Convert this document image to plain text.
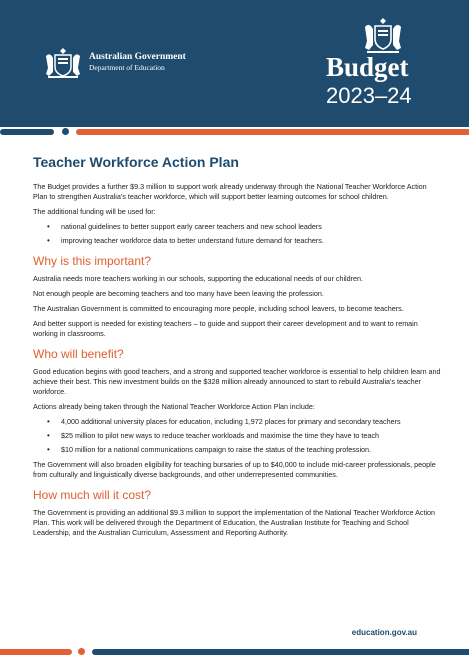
Australian Government
Department of Education	Budget
2023–24
Teacher Workforce Action Plan

The Budget provides a further $9.3 million to support work already underway through the National Teacher Workforce Action Plan to strengthen Australia's teacher workforce, which will support better learning outcomes for school children.

The additional funding will be used for:

• national guidelines to better support early career teachers and new school leaders
• improving teacher workforce data to better understand future demand for teachers.
Why is this important?

Australia needs more teachers working in our schools, supporting the educational needs of our children.

Not enough people are becoming teachers and too many have been leaving the profession.

The Australian Government is committed to encouraging more people, including school leavers, to become teachers.

And better support is needed for existing teachers – to guide and support their career development and to want to remain working in classrooms.

Who will benefit?

Good education begins with good teachers, and a strong and supported teacher workforce is essential to help children learn and achieve their best. This new investment builds on the $328 million already announced to start to rebuild Australia's teacher workforce.

Actions already being taken through the National Teacher Workforce Action Plan include:

• 4,000 additional university places for education, including 1,972 places for primary and secondary teachers
• $25 million to pilot new ways to reduce teacher workloads and maximise the time they have to teach
• $10 million for a national communications campaign to raise the status of the teaching profession.

The Government will also broaden eligibility for teaching bursaries of up to $40,000 to include mid-career professionals, people from culturally and linguistically diverse backgrounds, and other underrepresented communities.

How much will it cost?

The Government is providing an additional $9.3 million to support the implementation of the National Teacher Workforce Action Plan. This work will be delivered through the Department of Education, the Australian Institute for Teaching and School Leadership, and the Australian Curriculum, Assessment and Reporting Authority.

education.gov.au
